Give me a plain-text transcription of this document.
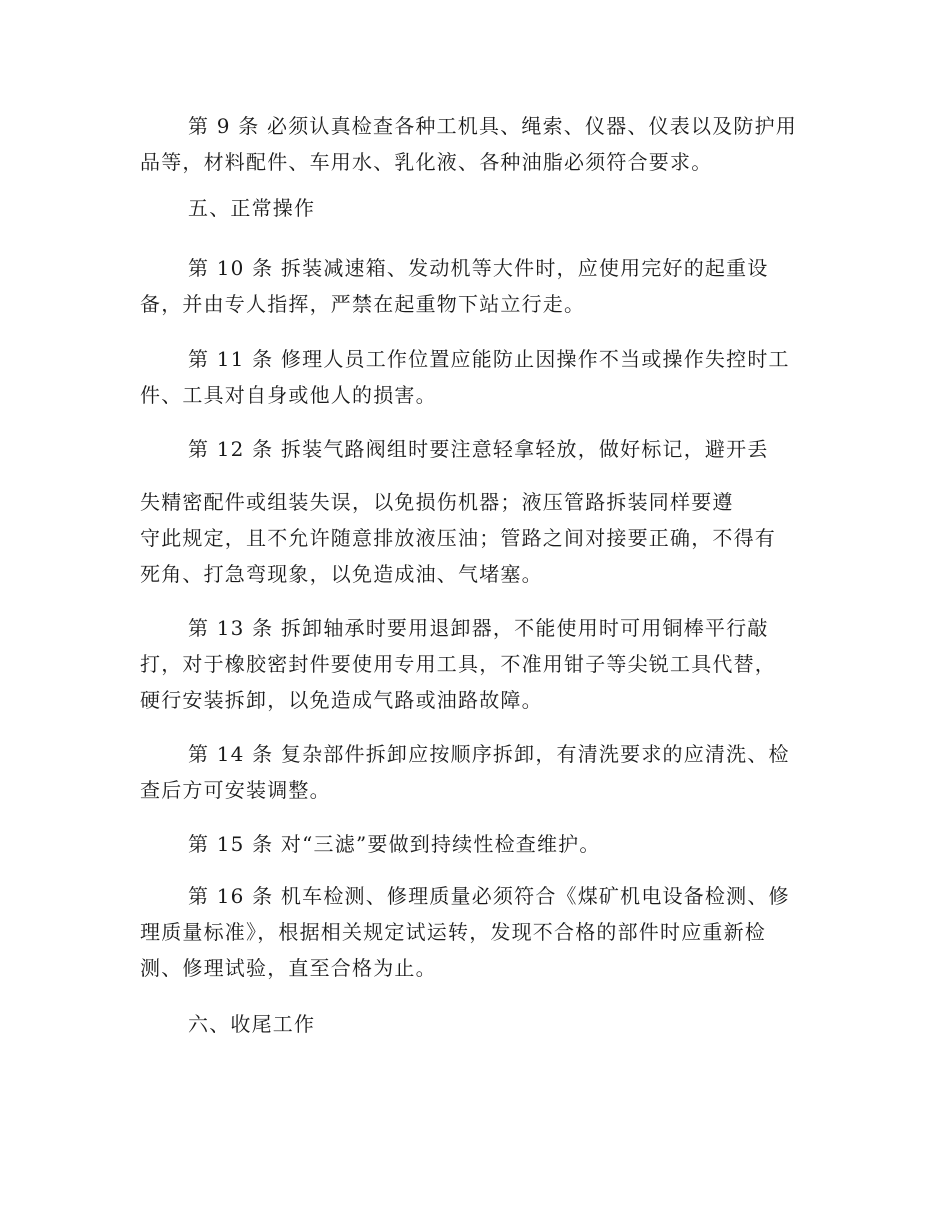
第 9 条 必须认真检查各种工机具、绳索、仪器、仪表以及防护用
品等，材料配件、车用水、乳化液、各种油脂必须符合要求。

五、正常操作

第 10 条 拆装减速箱、发动机等大件时，应使用完好的起重设
备，并由专人指挥，严禁在起重物下站立行走。

第 11 条 修理人员工作位置应能防止因操作不当或操作失控时工
件、工具对自身或他人的损害。

第 12 条 拆装气路阀组时要注意轻拿轻放，做好标记，避开丢

失精密配件或组装失误，以免损伤机器；液压管路拆装同样要遵
守此规定，且不允许随意排放液压油；管路之间对接要正确，不得有
死角、打急弯现象，以免造成油、气堵塞。

第 13 条 拆卸轴承时要用退卸器，不能使用时可用铜棒平行敲
打，对于橡胶密封件要使用专用工具，不准用钳子等尖锐工具代替，
硬行安装拆卸，以免造成气路或油路故障。

第 14 条 复杂部件拆卸应按顺序拆卸，有清洗要求的应清洗、检
查后方可安装调整。

第 15 条 对“三滤”要做到持续性检查维护。

第 16 条 机车检测、修理质量必须符合《煤矿机电设备检测、修
理质量标准》，根据相关规定试运转，发现不合格的部件时应重新检
测、修理试验，直至合格为止。

六、收尾工作
